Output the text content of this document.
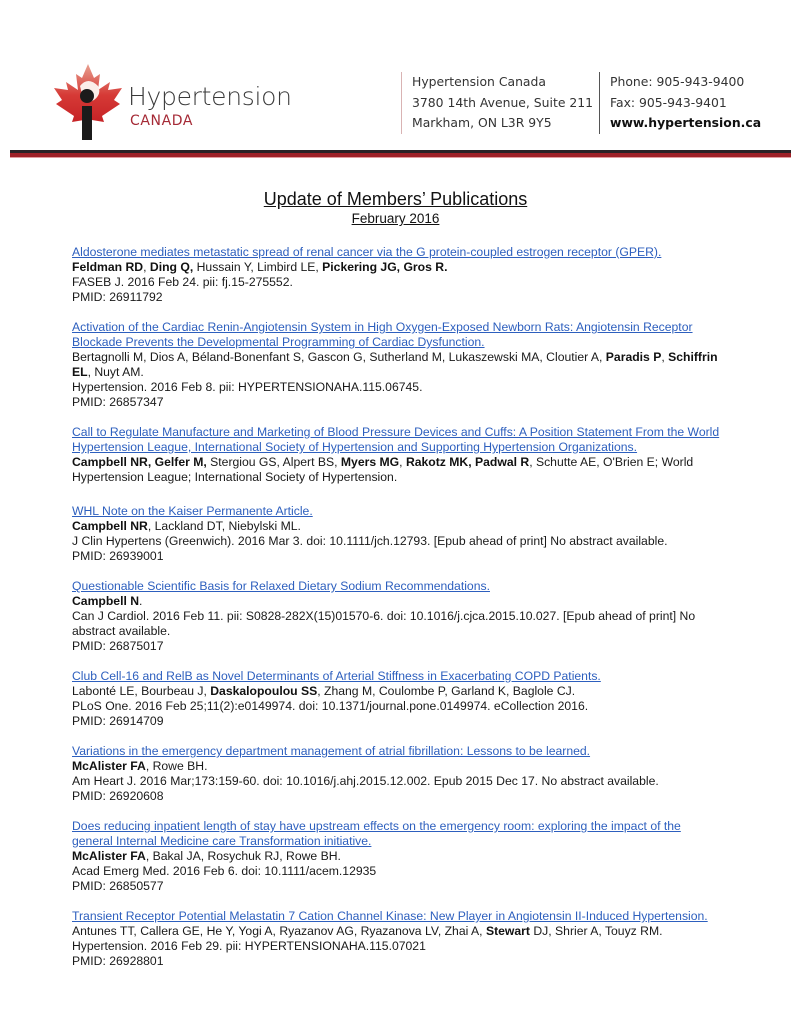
Hypertension
CANADA
Hypertension Canada
3780 14th Avenue, Suite 211
Markham, ON L3R 9Y5
Phone: 905-943-9400
Fax: 905-943-9401
www.hypertension.ca
Update of Members’ Publications
February 2016
Aldosterone mediates metastatic spread of renal cancer via the G protein-coupled estrogen receptor (GPER).
Feldman RD, Ding Q, Hussain Y, Limbird LE, Pickering JG, Gros R.
FASEB J. 2016 Feb 24. pii: fj.15-275552.
PMID: 26911792
Activation of the Cardiac Renin-Angiotensin System in High Oxygen-Exposed Newborn Rats: Angiotensin Receptor Blockade Prevents the Developmental Programming of Cardiac Dysfunction.
Bertagnolli M, Dios A, Béland-Bonenfant S, Gascon G, Sutherland M, Lukaszewski MA, Cloutier A, Paradis P, Schiffrin EL, Nuyt AM.
Hypertension. 2016 Feb 8. pii: HYPERTENSIONAHA.115.06745.
PMID: 26857347
Call to Regulate Manufacture and Marketing of Blood Pressure Devices and Cuffs: A Position Statement From the World Hypertension League, International Society of Hypertension and Supporting Hypertension Organizations.
Campbell NR, Gelfer M, Stergiou GS, Alpert BS, Myers MG, Rakotz MK, Padwal R, Schutte AE, O'Brien E; World Hypertension League; International Society of Hypertension.
WHL Note on the Kaiser Permanente Article.
Campbell NR, Lackland DT, Niebylski ML.
J Clin Hypertens (Greenwich). 2016 Mar 3. doi: 10.1111/jch.12793. [Epub ahead of print] No abstract available.
PMID: 26939001
Questionable Scientific Basis for Relaxed Dietary Sodium Recommendations.
Campbell N.
Can J Cardiol. 2016 Feb 11. pii: S0828-282X(15)01570-6. doi: 10.1016/j.cjca.2015.10.027. [Epub ahead of print] No abstract available.
PMID: 26875017
Club Cell-16 and RelB as Novel Determinants of Arterial Stiffness in Exacerbating COPD Patients.
Labonté LE, Bourbeau J, Daskalopoulou SS, Zhang M, Coulombe P, Garland K, Baglole CJ.
PLoS One. 2016 Feb 25;11(2):e0149974. doi: 10.1371/journal.pone.0149974. eCollection 2016.
PMID: 26914709
Variations in the emergency department management of atrial fibrillation: Lessons to be learned.
McAlister FA, Rowe BH.
Am Heart J. 2016 Mar;173:159-60. doi: 10.1016/j.ahj.2015.12.002. Epub 2015 Dec 17. No abstract available.
PMID: 26920608
Does reducing inpatient length of stay have upstream effects on the emergency room: exploring the impact of the general Internal Medicine care Transformation initiative.
McAlister FA, Bakal JA, Rosychuk RJ, Rowe BH.
Acad Emerg Med. 2016 Feb 6. doi: 10.1111/acem.12935
PMID: 26850577
Transient Receptor Potential Melastatin 7 Cation Channel Kinase: New Player in Angiotensin II-Induced Hypertension.
Antunes TT, Callera GE, He Y, Yogi A, Ryazanov AG, Ryazanova LV, Zhai A, Stewart DJ, Shrier A, Touyz RM.
Hypertension. 2016 Feb 29. pii: HYPERTENSIONAHA.115.07021
PMID: 26928801
